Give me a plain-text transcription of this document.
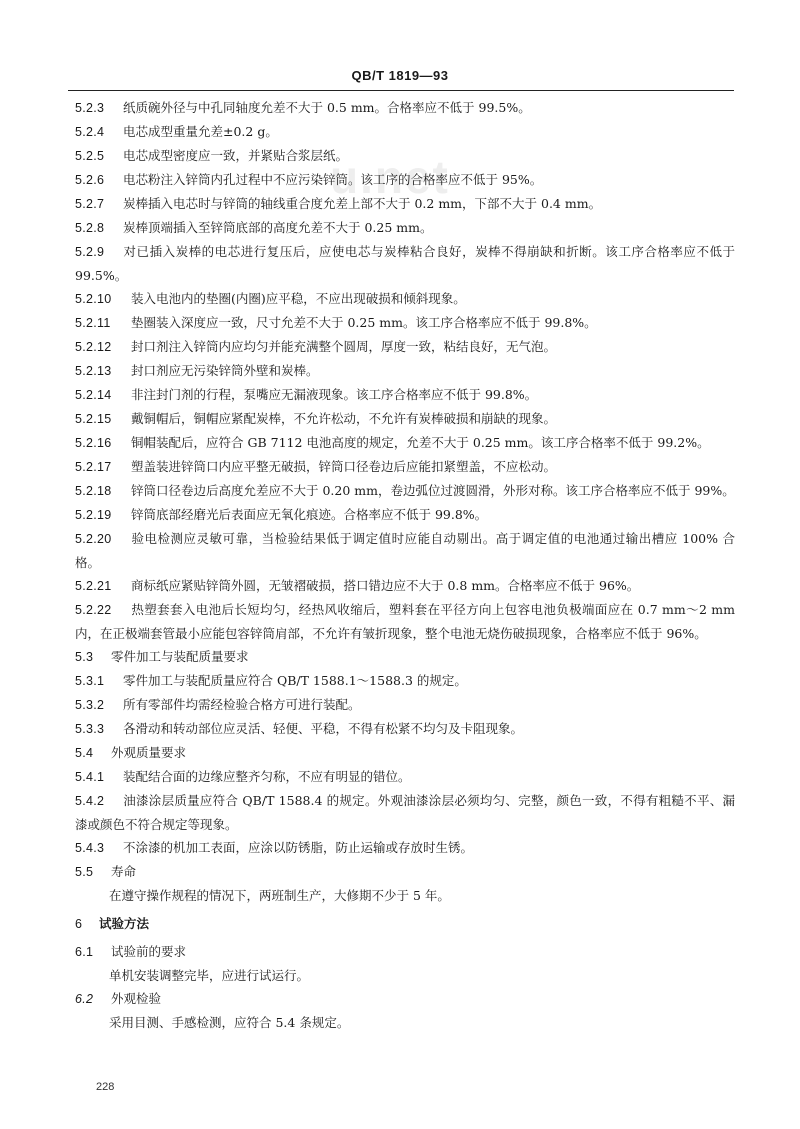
u.net
QB/T 1819—93

5.2.3 纸质碗外径与中孔同轴度允差不大于 0.5 mm。合格率应不低于 99.5%。

5.2.4 电芯成型重量允差±0.2 g。

5.2.5 电芯成型密度应一致，并紧贴合浆层纸。

5.2.6 电芯粉注入锌筒内孔过程中不应污染锌筒。该工序的合格率应不低于 95%。

5.2.7 炭棒插入电芯时与锌筒的轴线重合度允差上部不大于 0.2 mm，下部不大于 0.4 mm。

5.2.8 炭棒顶端插入至锌筒底部的高度允差不大于 0.25 mm。

5.2.9 对已插入炭棒的电芯进行复压后，应使电芯与炭棒粘合良好，炭棒不得崩缺和折断。该工序合格率应不低于 99.5%。

5.2.10 装入电池内的垫圈(内圈)应平稳，不应出现破损和倾斜现象。

5.2.11 垫圈装入深度应一致，尺寸允差不大于 0.25 mm。该工序合格率应不低于 99.8%。

5.2.12 封口剂注入锌筒内应均匀并能充满整个圆周，厚度一致，粘结良好，无气泡。

5.2.13 封口剂应无污染锌筒外壁和炭棒。

5.2.14 非注封门剂的行程，泵嘴应无漏液现象。该工序合格率应不低于 99.8%。

5.2.15 戴铜帽后，铜帽应紧配炭棒，不允许松动，不允许有炭棒破损和崩缺的现象。

5.2.16 铜帽装配后，应符合 GB 7112 电池高度的规定，允差不大于 0.25 mm。该工序合格率不低于 99.2%。

5.2.17 塑盖装进锌筒口内应平整无破损，锌筒口径卷边后应能扣紧塑盖，不应松动。

5.2.18 锌筒口径卷边后高度允差应不大于 0.20 mm，卷边弧位过渡圆滑，外形对称。该工序合格率应不低于 99%。

5.2.19 锌筒底部经磨光后表面应无氧化痕迹。合格率应不低于 99.8%。

5.2.20 验电检测应灵敏可靠，当检验结果低于调定值时应能自动剔出。高于调定值的电池通过输出槽应 100% 合格。

5.2.21 商标纸应紧贴锌筒外圆，无皱褶破损，搭口错边应不大于 0.8 mm。合格率应不低于 96%。

5.2.22 热塑套套入电池后长短均匀，经热风收缩后，塑料套在平径方向上包容电池负极端面应在 0.7 mm～2 mm 内，在正极端套管最小应能包容锌筒肩部，不允许有皱折现象，整个电池无烧伤破损现象，合格率应不低于 96%。

5.3 零件加工与装配质量要求

5.3.1 零件加工与装配质量应符合 QB/T 1588.1～1588.3 的规定。

5.3.2 所有零部件均需经检验合格方可进行装配。

5.3.3 各滑动和转动部位应灵活、轻便、平稳，不得有松紧不均匀及卡阻现象。

5.4 外观质量要求

5.4.1 装配结合面的边缘应整齐匀称，不应有明显的错位。

5.4.2 油漆涂层质量应符合 QB/T 1588.4 的规定。外观油漆涂层必须均匀、完整，颜色一致，不得有粗糙不平、漏漆或颜色不符合规定等现象。

5.4.3 不涂漆的机加工表面，应涂以防锈脂，防止运输或存放时生锈。

5.5 寿命

在遵守操作规程的情况下，两班制生产，大修期不少于 5 年。

6 试验方法

6.1 试验前的要求

单机安装调整完毕，应进行试运行。

6.2 外观检验

采用目测、手感检测，应符合 5.4 条规定。

228
